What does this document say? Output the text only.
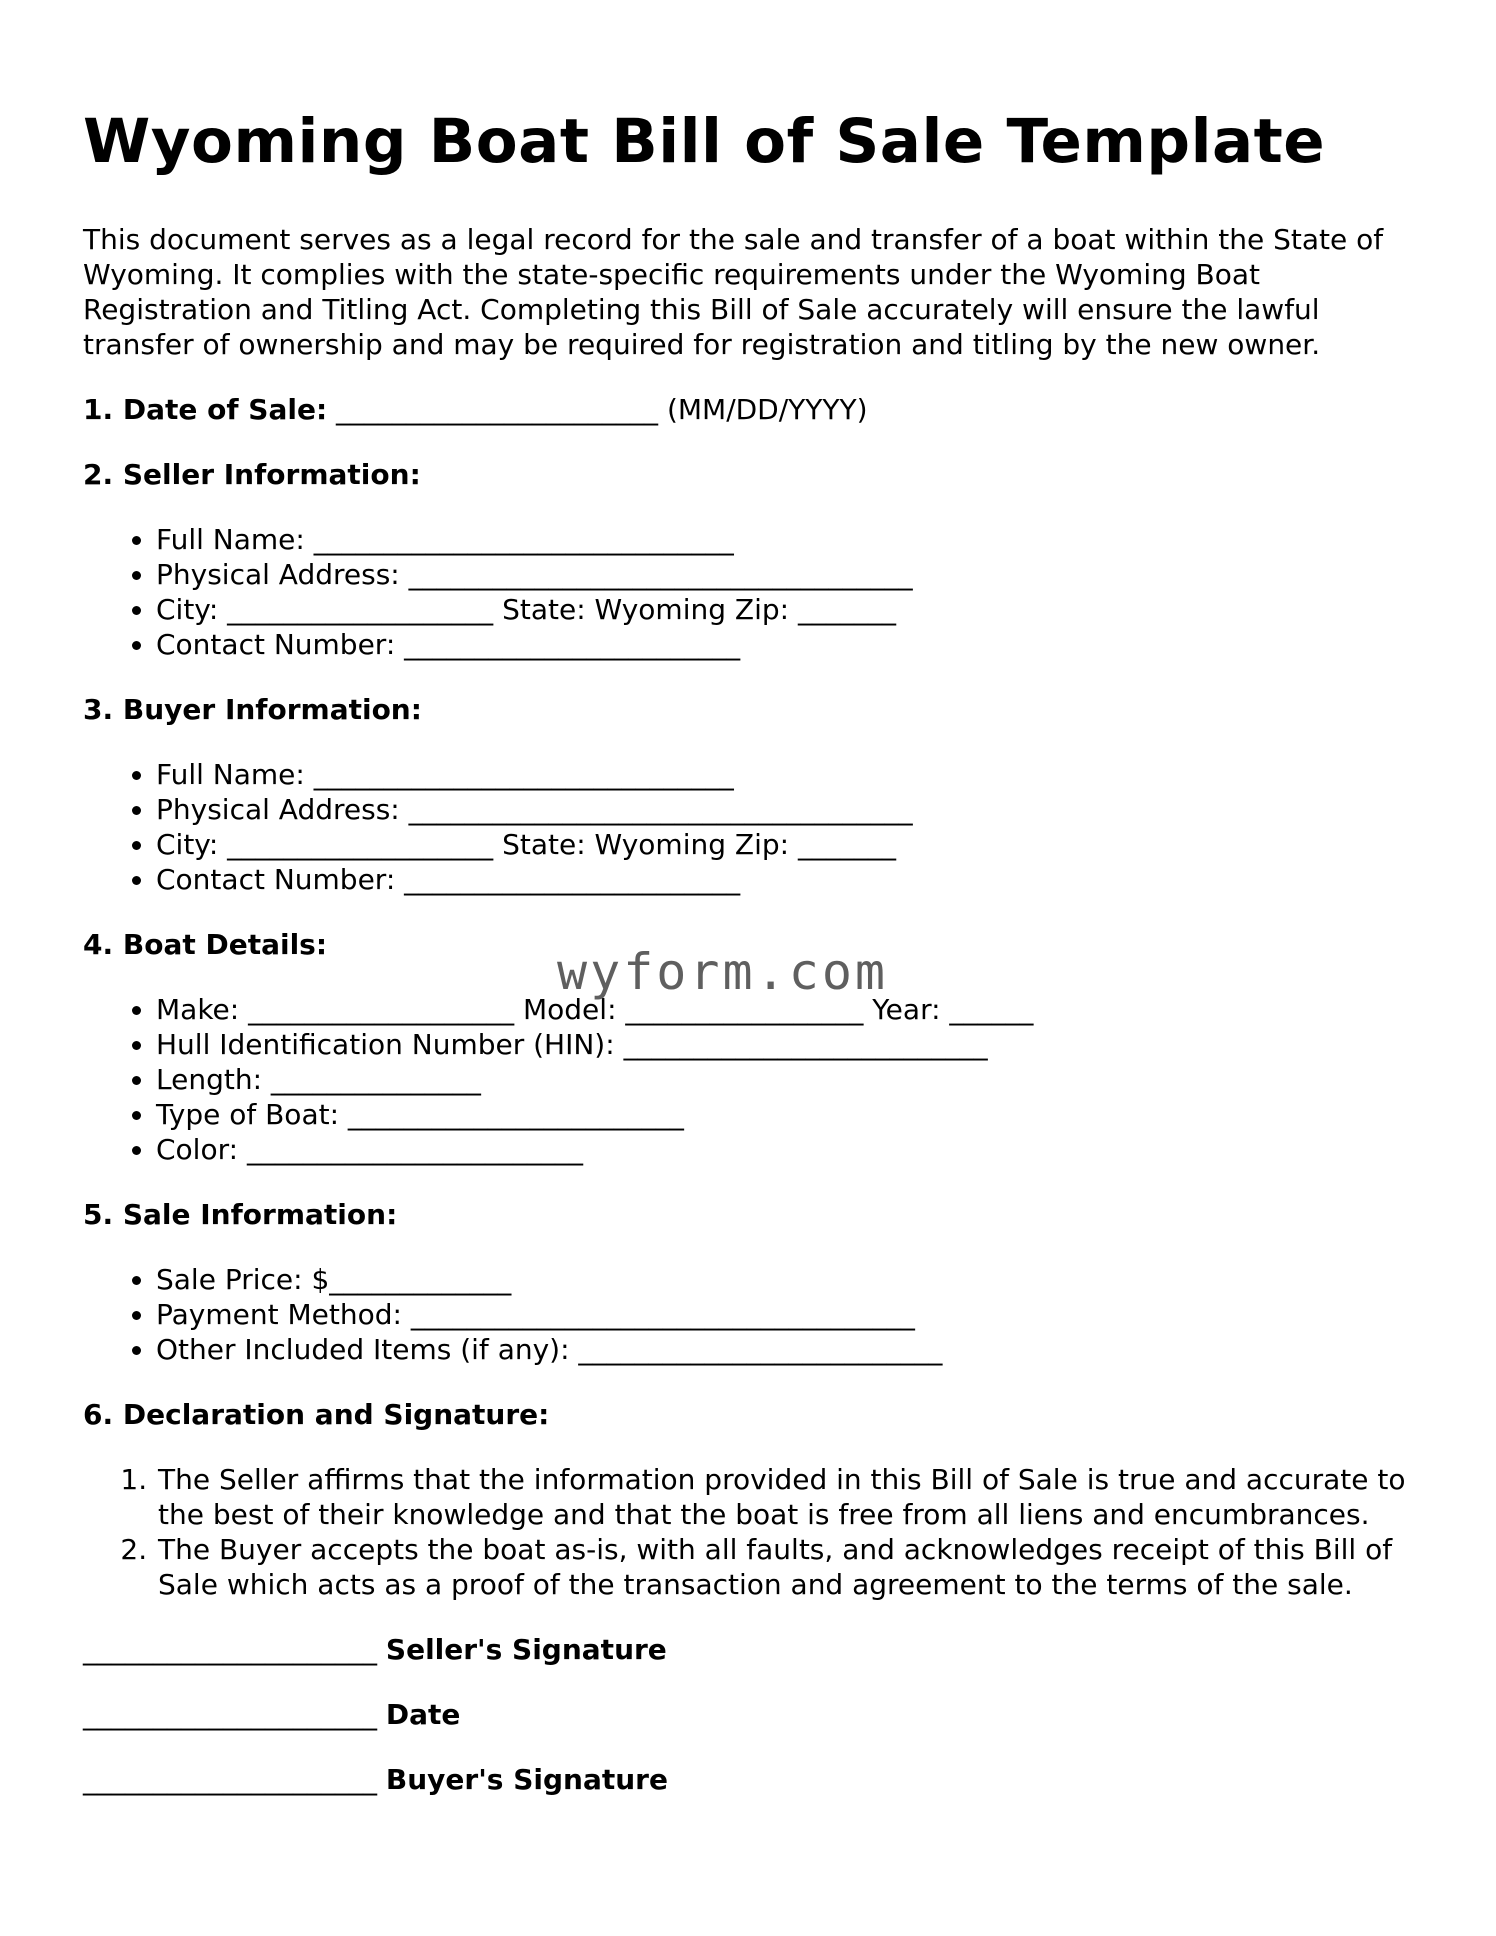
Wyoming Boat Bill of Sale Template

This document serves as a legal record for the sale and transfer of a boat within the State of Wyoming. It complies with the state-specific requirements under the Wyoming Boat Registration and Titling Act. Completing this Bill of Sale accurately will ensure the lawful transfer of ownership and may be required for registration and titling by the new owner.

1. Date of Sale: _______________________ (MM/DD/YYYY)

2. Seller Information:

• Full Name: ______________________________
• Physical Address: ____________________________________
• City: ___________________ State: Wyoming Zip: _______
• Contact Number: ________________________

3. Buyer Information:

• Full Name: ______________________________
• Physical Address: ____________________________________
• City: ___________________ State: Wyoming Zip: _______
• Contact Number: ________________________

4. Boat Details:

• Make: ___________________ Model: _________________ Year: ______
• Hull Identification Number (HIN): __________________________
• Length: _______________
• Type of Boat: ________________________
• Color: ________________________

5. Sale Information:

• Sale Price: $_____________
• Payment Method: ____________________________________
• Other Included Items (if any): __________________________

6. Declaration and Signature:

1. The Seller affirms that the information provided in this Bill of Sale is true and accurate to the best of their knowledge and that the boat is free from all liens and encumbrances.
2. The Buyer accepts the boat as-is, with all faults, and acknowledges receipt of this Bill of Sale which acts as a proof of the transaction and agreement to the terms of the sale.

_____________________ Seller's Signature

_____________________ Date

_____________________ Buyer's Signature

wyform.com
